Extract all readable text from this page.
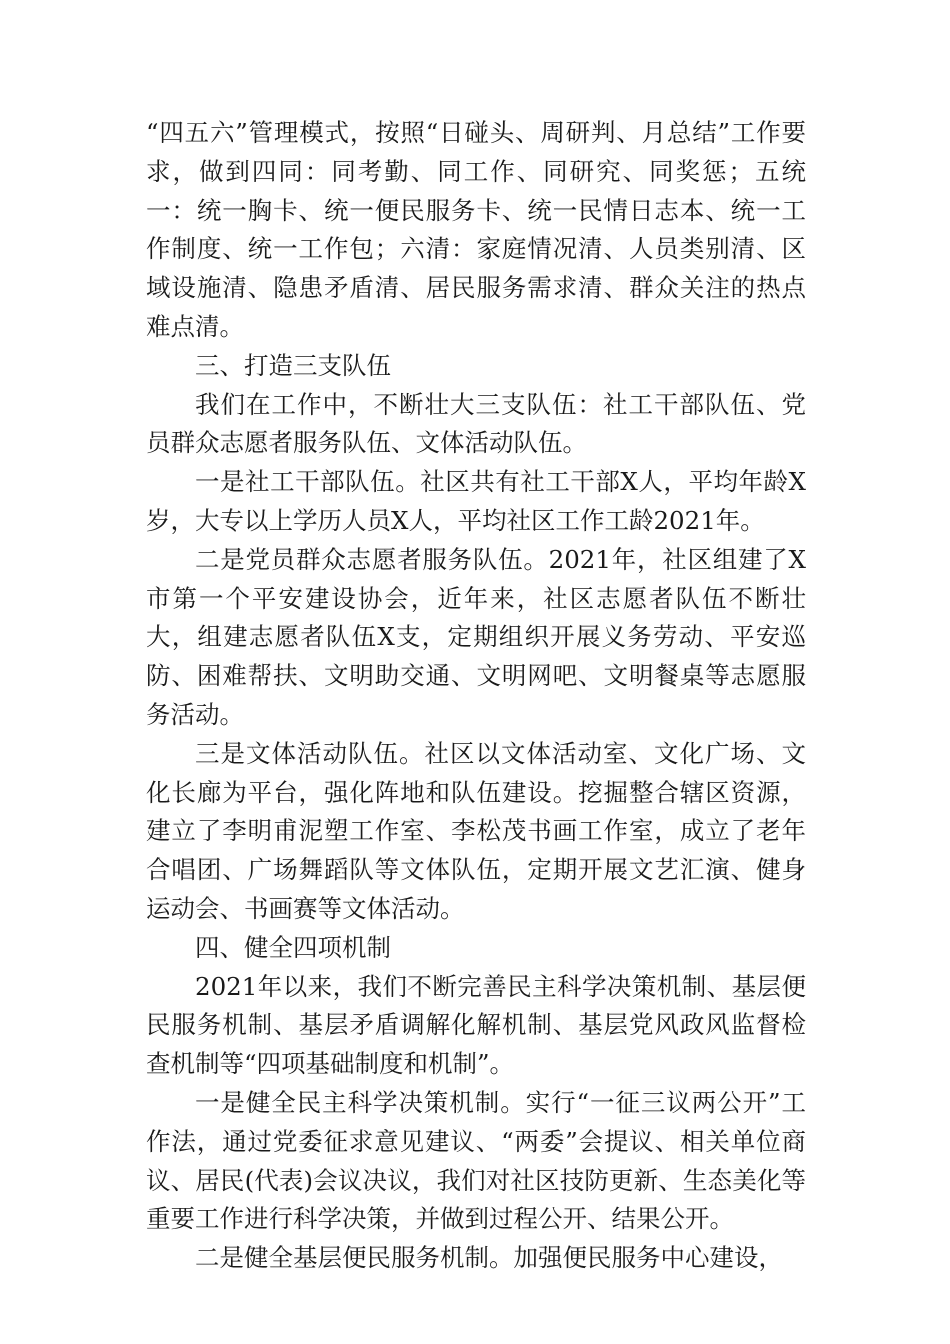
“四五六”管理模式，按照“日碰头、周研判、月总结”工作要求，做到四同：同考勤、同工作、同研究、同奖惩；五统一：统一胸卡、统一便民服务卡、统一民情日志本、统一工作制度、统一工作包；六清：家庭情况清、人员类别清、区域设施清、隐患矛盾清、居民服务需求清、群众关注的热点难点清。

三、打造三支队伍

我们在工作中，不断壮大三支队伍：社工干部队伍、党员群众志愿者服务队伍、文体活动队伍。

一是社工干部队伍。社区共有社工干部X人，平均年龄X岁，大专以上学历人员X人，平均社区工作工龄2021年。

二是党员群众志愿者服务队伍。2021年，社区组建了X市第一个平安建设协会，近年来，社区志愿者队伍不断壮大，组建志愿者队伍X支，定期组织开展义务劳动、平安巡防、困难帮扶、文明助交通、文明网吧、文明餐桌等志愿服务活动。

三是文体活动队伍。社区以文体活动室、文化广场、文化长廊为平台，强化阵地和队伍建设。挖掘整合辖区资源，建立了李明甫泥塑工作室、李松茂书画工作室，成立了老年合唱团、广场舞蹈队等文体队伍，定期开展文艺汇演、健身运动会、书画赛等文体活动。

四、健全四项机制

2021年以来，我们不断完善民主科学决策机制、基层便民服务机制、基层矛盾调解化解机制、基层党风政风监督检查机制等“四项基础制度和机制”。

一是健全民主科学决策机制。实行“一征三议两公开”工作法，通过党委征求意见建议、“两委”会提议、相关单位商议、居民(代表)会议决议，我们对社区技防更新、生态美化等重要工作进行科学决策，并做到过程公开、结果公开。

二是健全基层便民服务机制。加强便民服务中心建设，
